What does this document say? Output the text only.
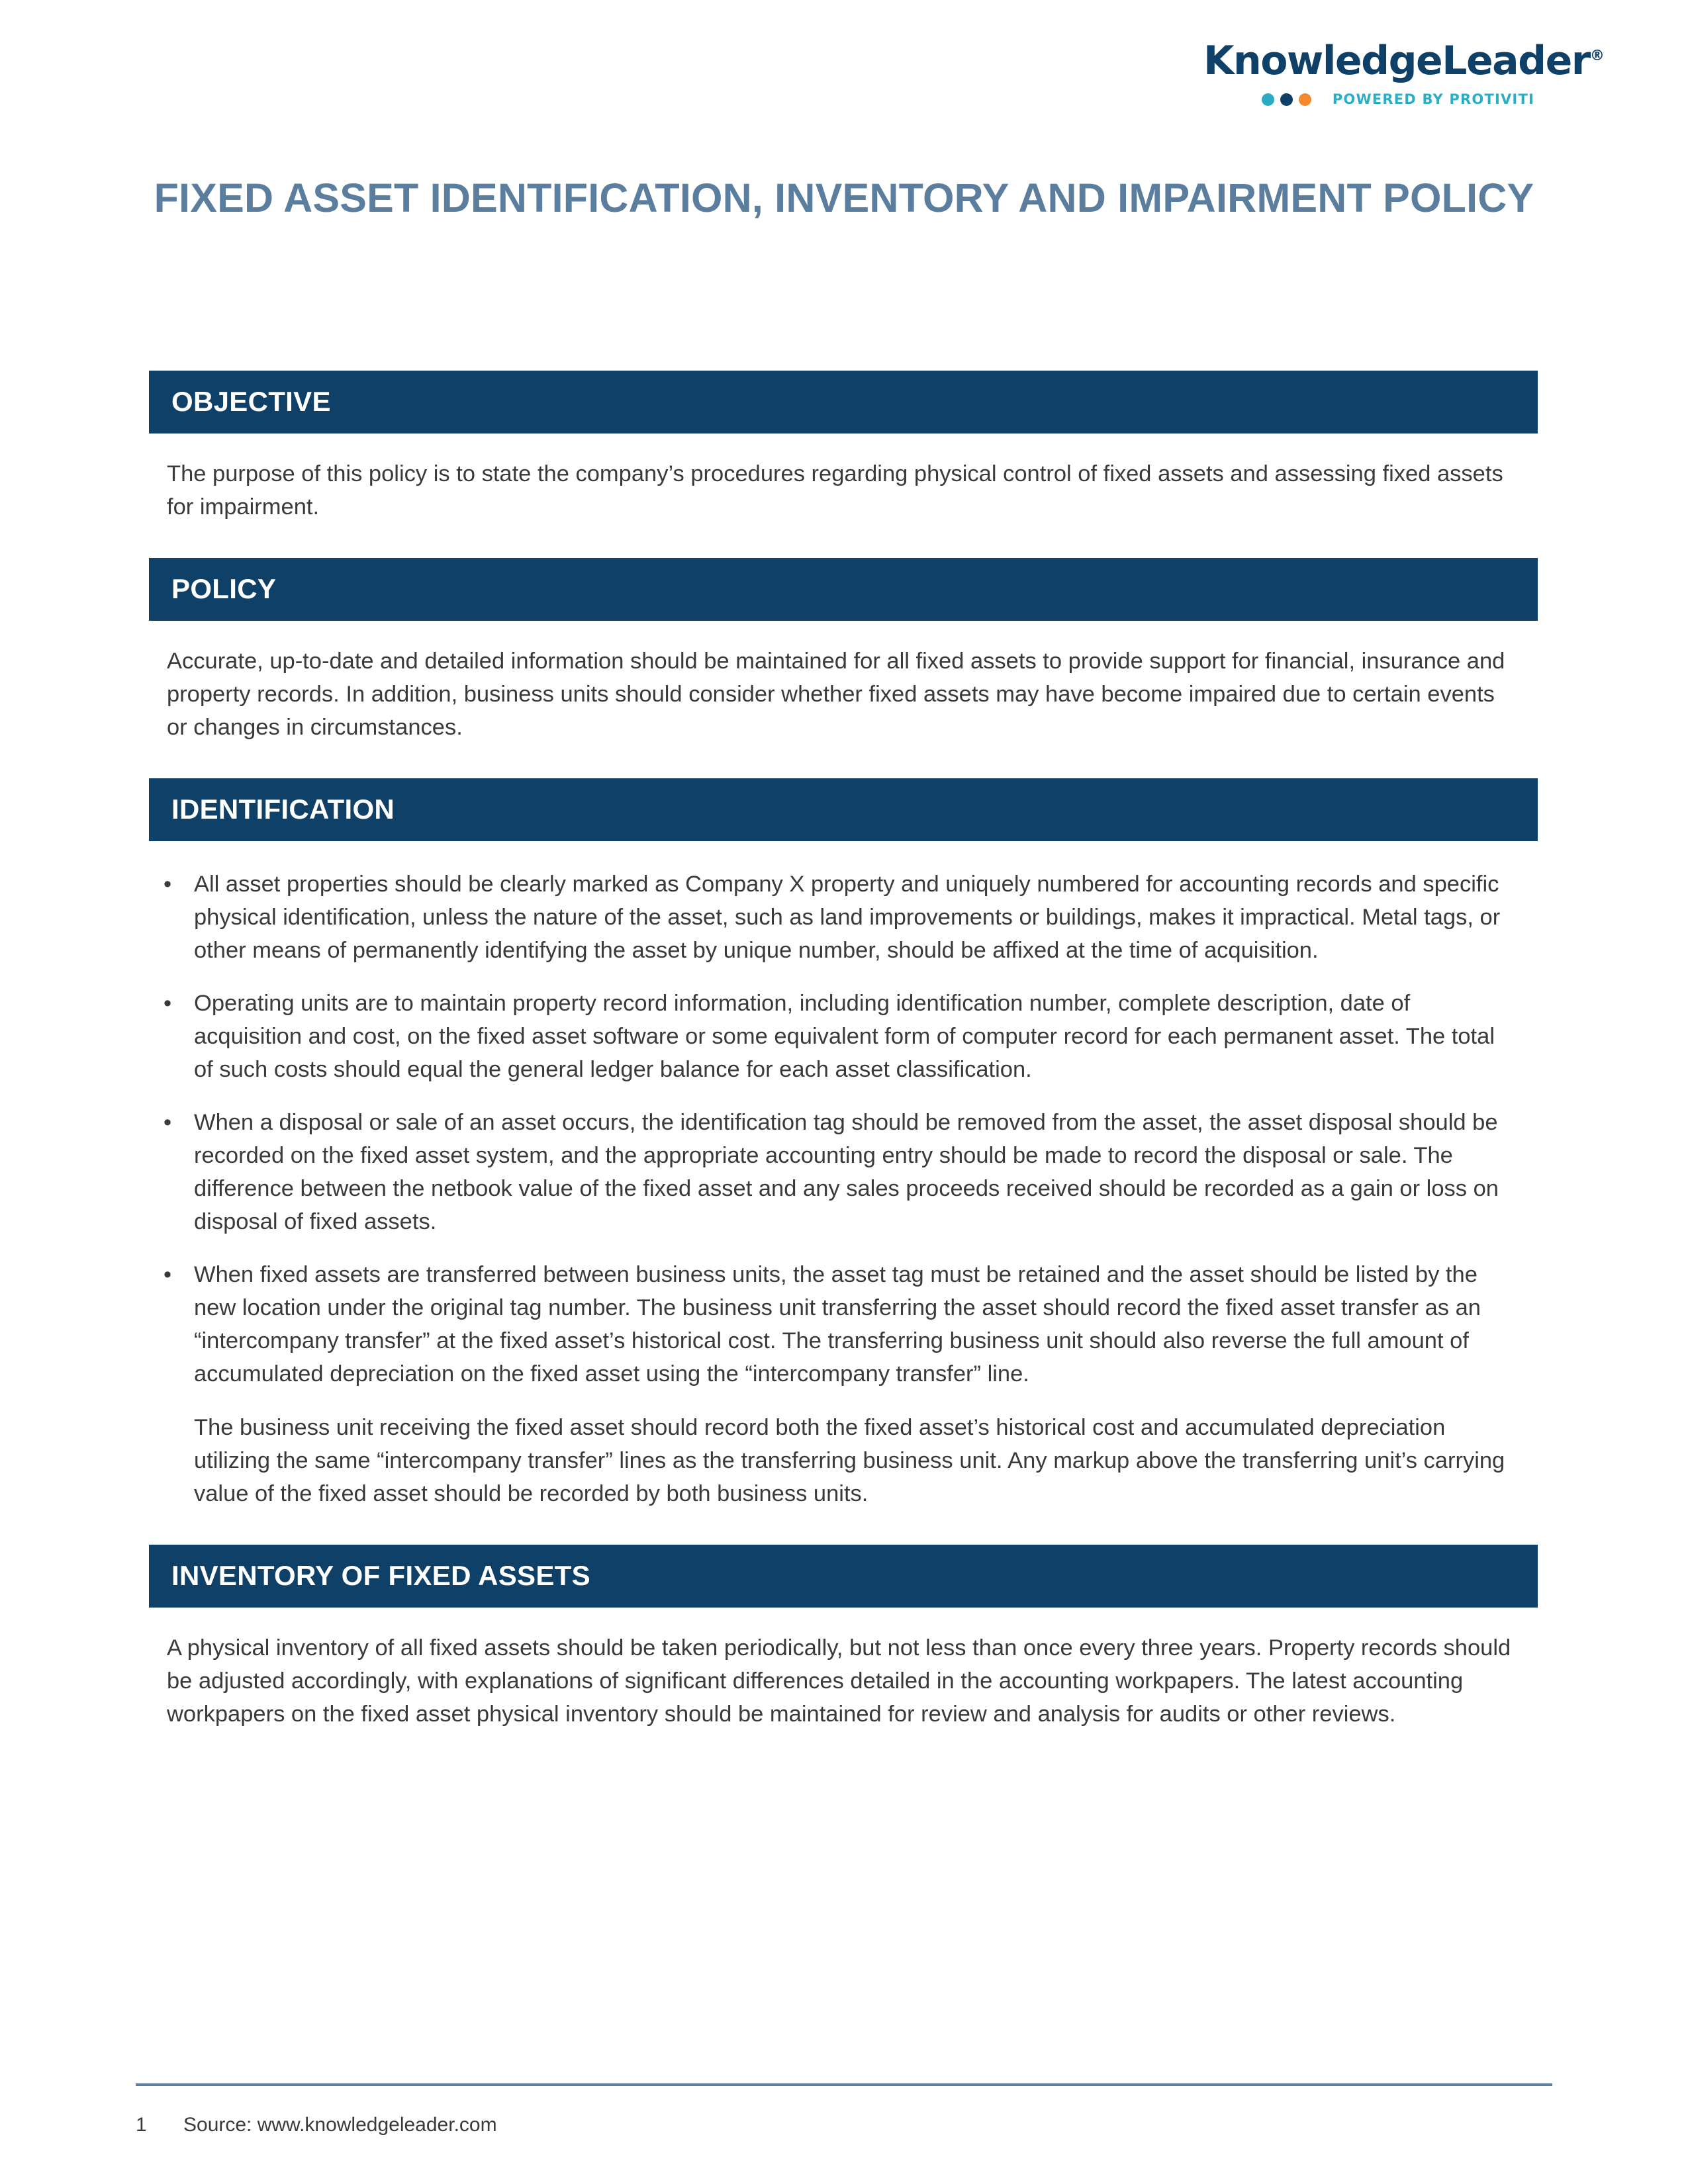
KnowledgeLeader®
POWERED BY PROTIVITI
FIXED ASSET IDENTIFICATION, INVENTORY AND IMPAIRMENT POLICY
OBJECTIVE

The purpose of this policy is to state the company’s procedures regarding physical control of fixed assets and assessing fixed assets for impairment.

POLICY

Accurate, up-to-date and detailed information should be maintained for all fixed assets to provide support for financial, insurance and property records. In addition, business units should consider whether fixed assets may have become impaired due to certain events or changes in circumstances.

IDENTIFICATION
• All asset properties should be clearly marked as Company X property and uniquely numbered for accounting records and specific physical identification, unless the nature of the asset, such as land improvements or buildings, makes it impractical. Metal tags, or other means of permanently identifying the asset by unique number, should be affixed at the time of acquisition.
• Operating units are to maintain property record information, including identification number, complete description, date of acquisition and cost, on the fixed asset software or some equivalent form of computer record for each permanent asset. The total of such costs should equal the general ledger balance for each asset classification.
• When a disposal or sale of an asset occurs, the identification tag should be removed from the asset, the asset disposal should be recorded on the fixed asset system, and the appropriate accounting entry should be made to record the disposal or sale. The difference between the netbook value of the fixed asset and any sales proceeds received should be recorded as a gain or loss on disposal of fixed assets.
• When fixed assets are transferred between business units, the asset tag must be retained and the asset should be listed by the new location under the original tag number. The business unit transferring the asset should record the fixed asset transfer as an “intercompany transfer” at the fixed asset’s historical cost. The transferring business unit should also reverse the full amount of accumulated depreciation on the fixed asset using the “intercompany transfer” line.
The business unit receiving the fixed asset should record both the fixed asset’s historical cost and accumulated depreciation utilizing the same “intercompany transfer” lines as the transferring business unit. Any markup above the transferring unit’s carrying value of the fixed asset should be recorded by both business units.
INVENTORY OF FIXED ASSETS

A physical inventory of all fixed assets should be taken periodically, but not less than once every three years. Property records should be adjusted accordingly, with explanations of significant differences detailed in the accounting workpapers. The latest accounting workpapers on the fixed asset physical inventory should be maintained for review and analysis for audits or other reviews.

1	Source: www.knowledgeleader.com
